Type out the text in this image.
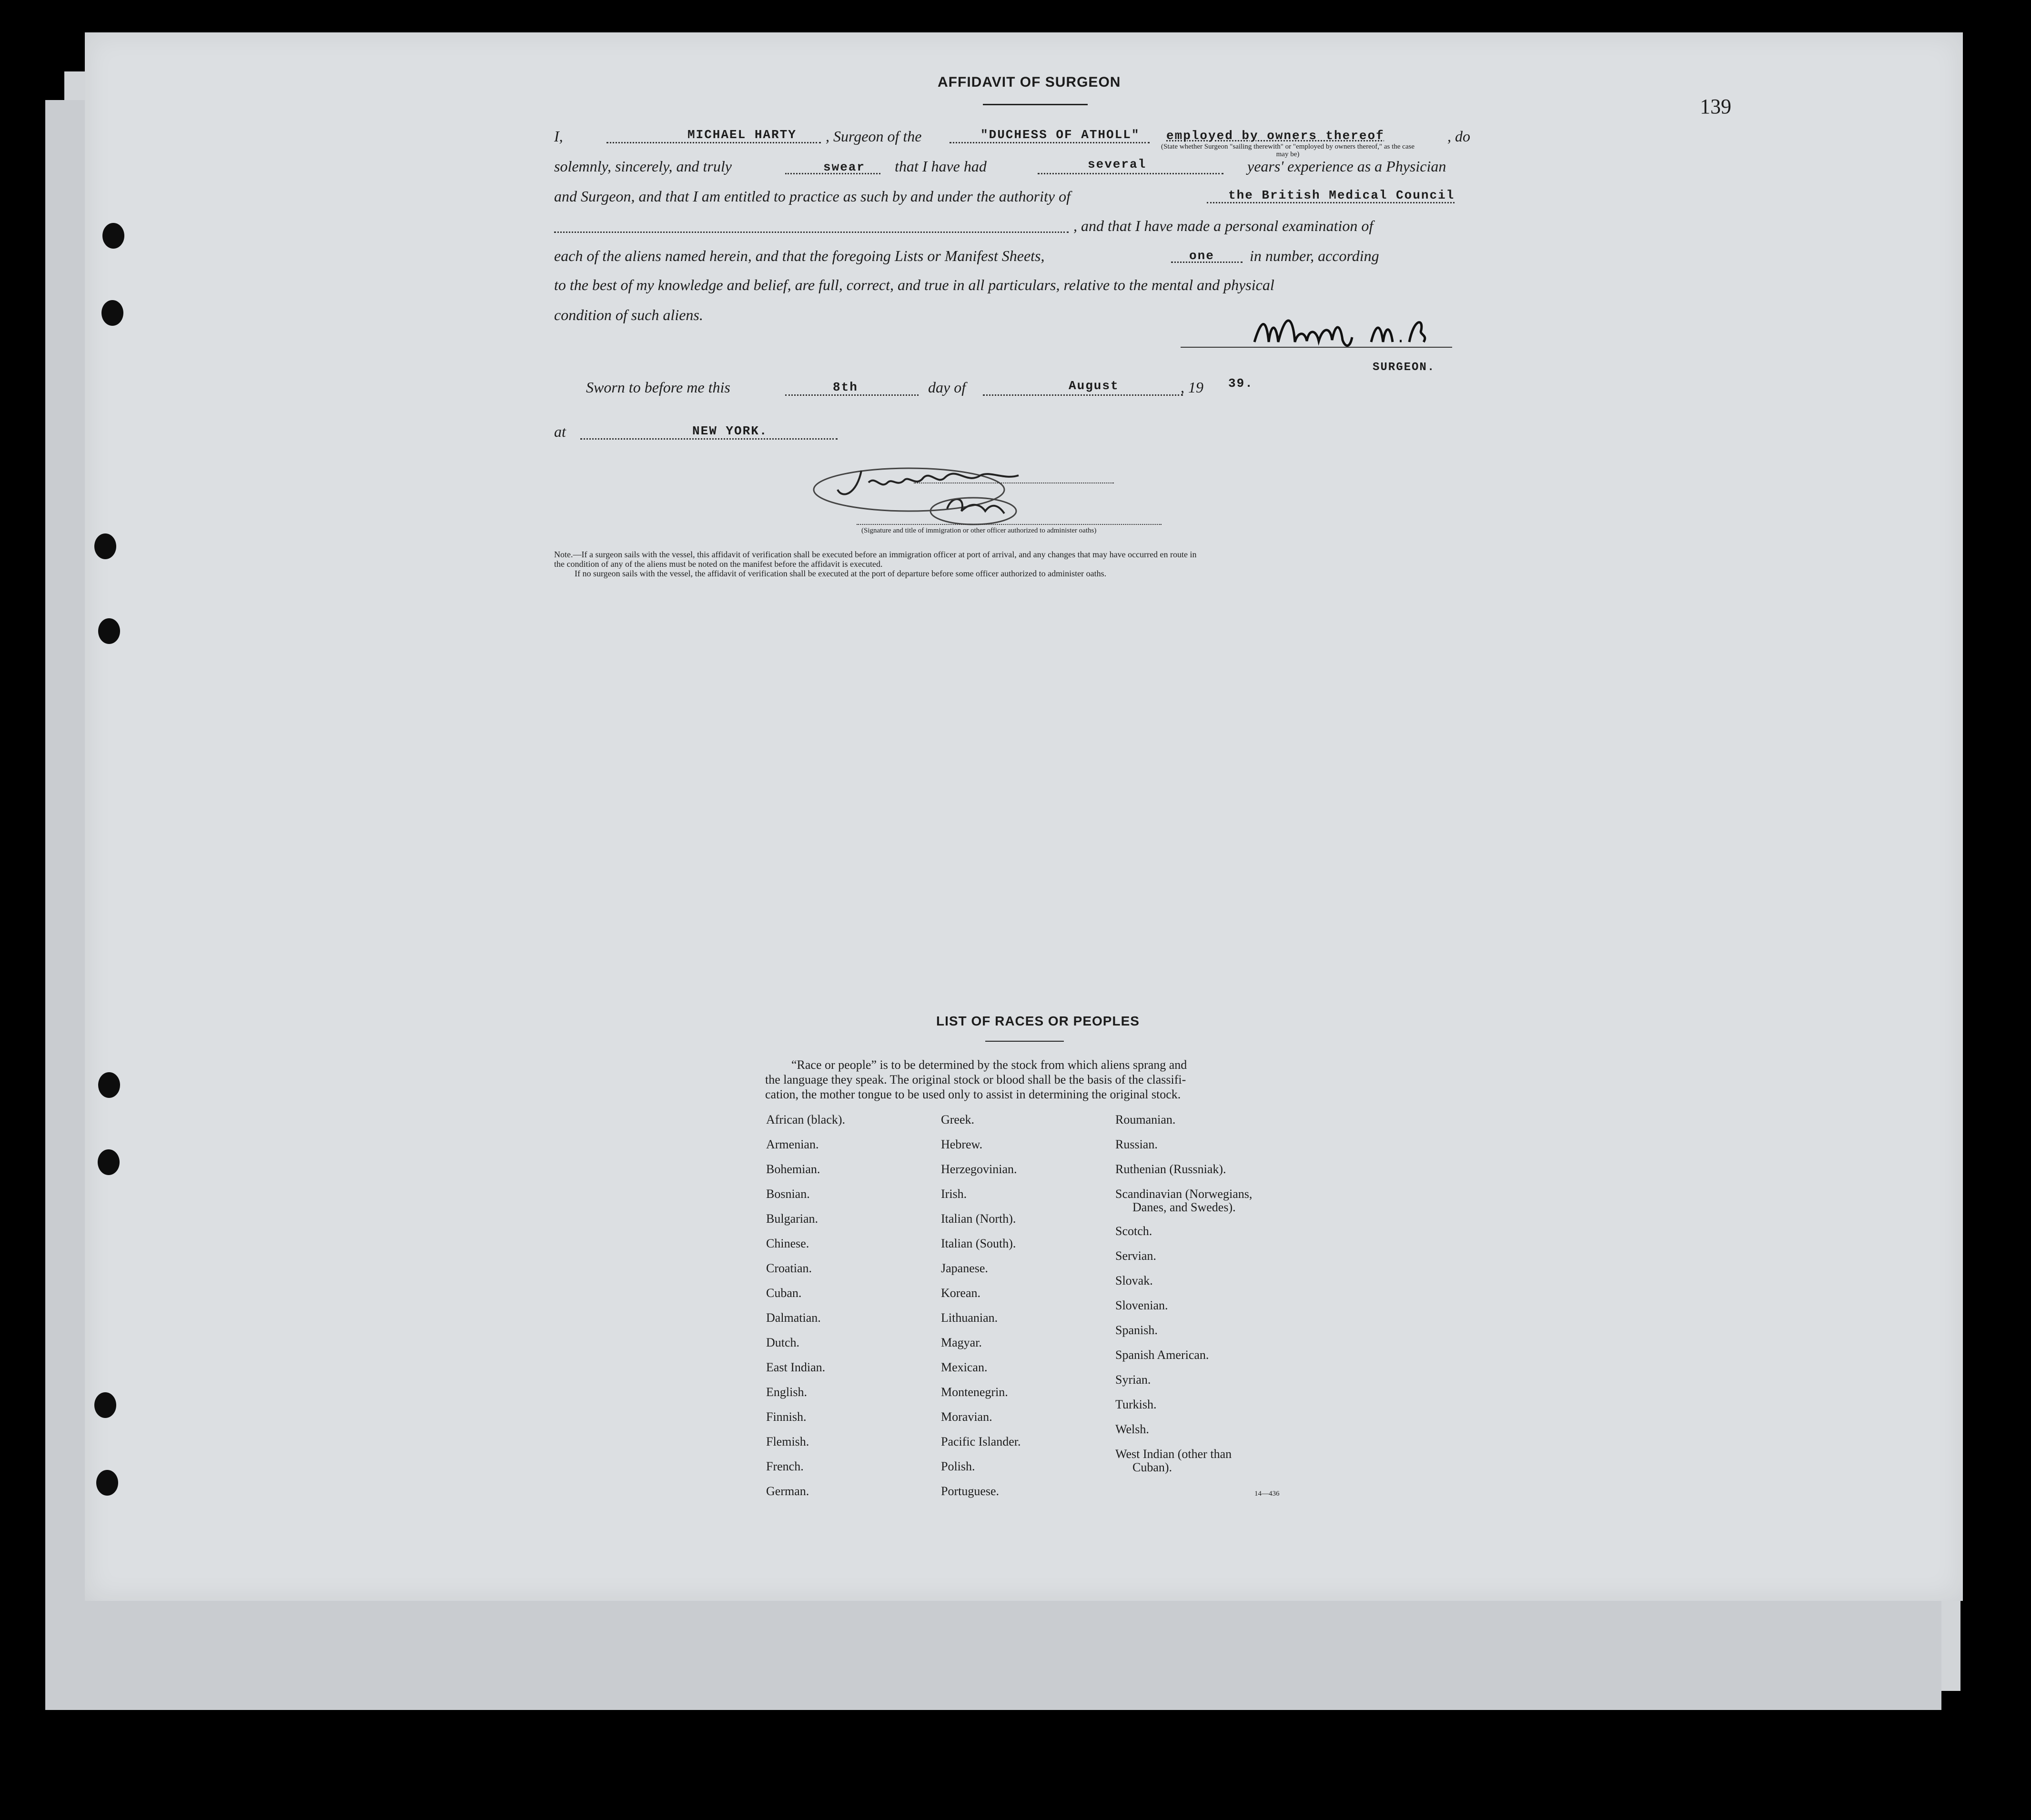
139
AFFIDAVIT OF SURGEON
I,	MICHAEL HARTY , Surgeon of the	"DUCHESS OF ATHOLL" employed by owners thereof	, do
(State whether Surgeon "sailing therewith" or "employed by owners thereof," as the case may be)
solemnly, sincerely, and truly	swear that I have had	several	years' experience as a Physician
and Surgeon, and that I am entitled to practice as such by and under the authority of	the British Medical Council
, and that I have made a personal examination of
each of the aliens named herein, and that the foregoing Lists or Manifest Sheets,	one in number, according
to the best of my knowledge and belief, are full, correct, and true in all particulars, relative to the mental and physical
condition of such aliens.
SURGEON.
Sworn to before me this	8th	day of	August	, 19 39.
at	NEW YORK.
(Signature and title of immigration or other officer authorized to administer oaths)
Note.—If a surgeon sails with the vessel, this affidavit of verification shall be executed before an immigration officer at port of arrival, and any changes that may have occurred en route in
the condition of any of the aliens must be noted on the manifest before the affidavit is executed.
If no surgeon sails with the vessel, the affidavit of verification shall be executed at the port of departure before some officer authorized to administer oaths.
LIST OF RACES OR PEOPLES
“Race or people” is to be determined by the stock from which aliens sprang and
the language they speak. The original stock or blood shall be the basis of the classifi-
cation, the mother tongue to be used only to assist in determining the original stock.
African (black).
Armenian.
Bohemian.
Bosnian.
Bulgarian.
Chinese.
Croatian.
Cuban.
Dalmatian.
Dutch.
East Indian.
English.
Finnish.
Flemish.
French.
German.
Greek.
Hebrew.
Herzegovinian.
Irish.
Italian (North).
Italian (South).
Japanese.
Korean.
Lithuanian.
Magyar.
Mexican.
Montenegrin.
Moravian.
Pacific Islander.
Polish.
Portuguese.
Roumanian.
Russian.
Ruthenian (Russniak).
Scandinavian (Norwegians,
Danes, and Swedes).
Scotch.
Servian.
Slovak.
Slovenian.
Spanish.
Spanish American.
Syrian.
Turkish.
Welsh.
West Indian (other than
Cuban).
14—436
